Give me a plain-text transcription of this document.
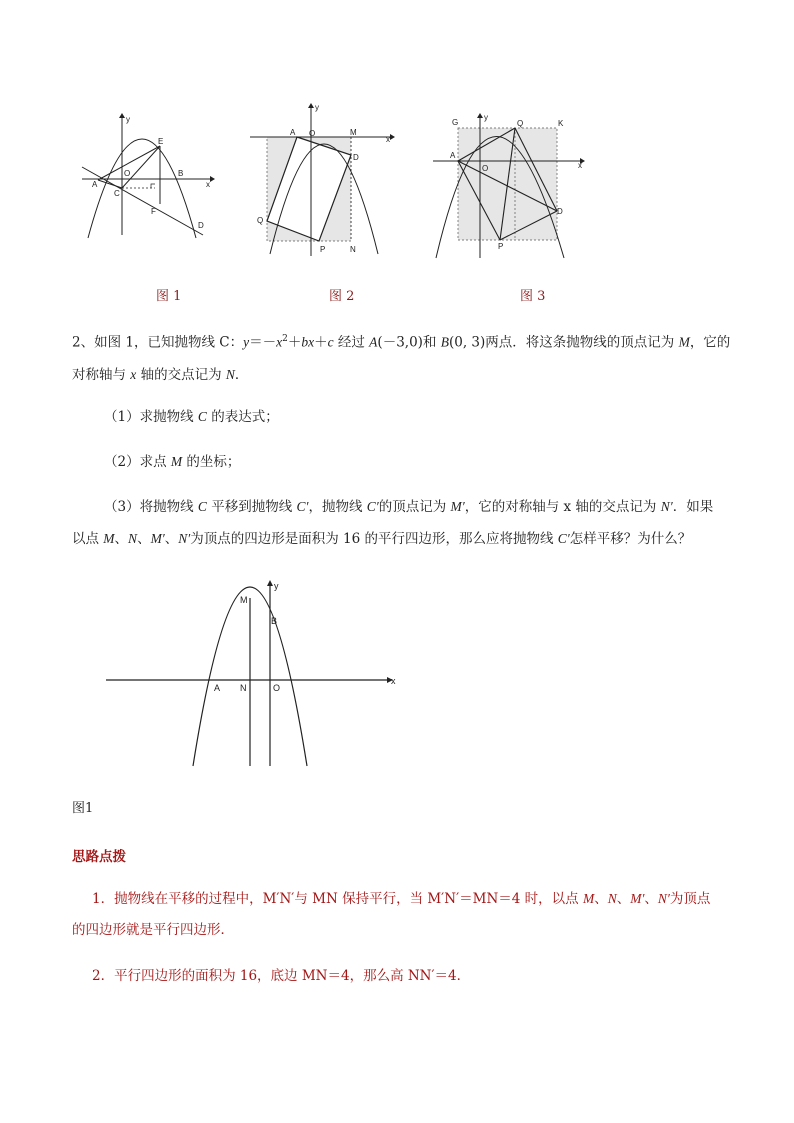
y
x
E
B
O
A
C
F
D
图 1
y
x
A O	M
D
Q
P	N
图 2
G	Q	K
y
A
O	x
D
P
图 3
2、如图 1，已知抛物线 C：$y=-x^2+bx+c$ 经过 A(－3,0)和 B(0, 3)两点．将这条抛物线的顶点记为 M，它的
对称轴与 x 轴的交点记为 N．
（1）求抛物线 C 的表达式；
（2）求点 M 的坐标；
（3）将抛物线 C 平移到抛物线 C′，抛物线 C′的顶点记为 M′，它的对称轴与 x 轴的交点记为 N′．如果
以点 M、N、M′、N′为顶点的四边形是面积为 16 的平行四边形，那么应将抛物线 C′怎样平移？为什么？
y
M
B
x
A N	O
图1
思路点拨
1．抛物线在平移的过程中，M′N′与 MN 保持平行，当 M′N′＝MN＝4 时，以点 M、N、M′、N′为顶点
的四边形就是平行四边形．
2．平行四边形的面积为 16，底边 MN＝4，那么高 NN′＝4．
